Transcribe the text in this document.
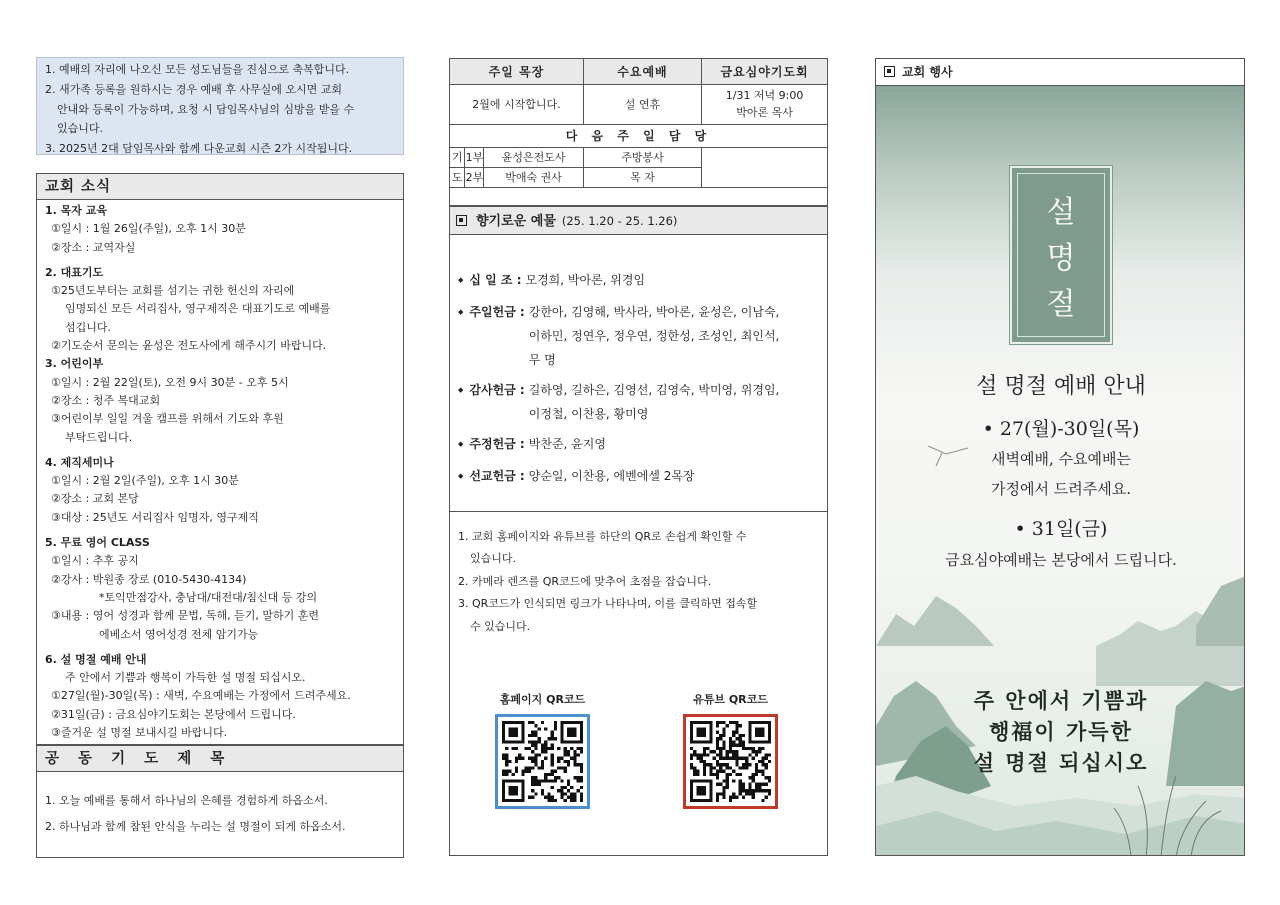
1. 예배의 자리에 나오신 모든 성도님들을 진심으로 축복합니다.
2. 새가족 등록을 원하시는 경우 예배 후 사무실에 오시면 교회
안내와 등록이 가능하며, 요청 시 담임목사님의 심방을 받을 수
있습니다.
3. 2025년 2대 담임목사와 함께 다운교회 시즌 2가 시작됩니다.
교회 소식
1. 목자 교육
①일시 : 1월 26일(주일), 오후 1시 30분
②장소 : 교역자실
2. 대표기도
①25년도부터는 교회를 섬기는 귀한 헌신의 자리에
임명되신 모든 서리집사, 영구제직은 대표기도로 예배를
섬깁니다.
②기도순서 문의는 윤성은 전도사에게 해주시기 바랍니다.
3. 어린이부
①일시 : 2월 22일(토), 오전 9시 30분 - 오후 5시
②장소 : 청주 복대교회
③어린이부 일일 겨울 캠프를 위해서 기도와 후원
부탁드립니다.
4. 제직세미나
①일시 : 2월 2일(주일), 오후 1시 30분
②장소 : 교회 본당
③대상 : 25년도 서리집사 임명자, 영구제직
5. 무료 영어 CLASS
①일시 : 추후 공지
②강사 : 박원종 장로 (010-5430-4134)
*토익만점강사, 충남대/대전대/침신대 등 강의
③내용 : 영어 성경과 함께 문법, 독해, 듣기, 말하기 훈련
에베소서 영어성경 전체 암기가능
6. 설 명절 예배 안내
주 안에서 기쁨과 행복이 가득한 설 명절 되십시오.
①27일(월)-30일(목) : 새벽, 수요예배는 가정에서 드려주세요.
②31일(금) : 금요심야기도회는 본당에서 드립니다.
③즐거운 설 명절 보내시길 바랍니다.
공 동 기 도 제 목
1. 오늘 예배를 통해서 하나님의 은혜를 경험하게 하옵소서.
2. 하나님과 함께 참된 안식을 누리는 설 명절이 되게 하옵소서.
주일 목장			수요예배	금요심야기도회
2월에 시작합니다.			설 연휴	1/31 저녁 9:00
박아론 목사

다 음 주 일 담 당				
기	1부	윤성은전도사	주방봉사	
도	2부	박애숙 권사	목 자	

향기로운 예물 (25. 1.20 - 25. 1.26)
◆ 십 일 조 : 모경희, 박아론, 위경임
◆ 주일헌금 : 강한아, 김영해, 박사라, 박아론, 윤성은, 이남숙,
이하민, 정연우, 정우연, 정한성, 조성인, 최인석,
무 명
◆ 감사헌금 : 길하영, 길하은, 김영선, 김영숙, 박미영, 위경임,
이정철, 이찬용, 황미영
◆ 주정헌금 : 박찬준, 윤지영
◆ 선교헌금 : 양순일, 이찬용, 에벤에셀 2목장
1. 교회 홈페이지와 유튜브를 하단의 QR로 손쉽게 확인할 수
있습니다.
2. 카메라 렌즈를 QR코드에 맞추어 초점을 잡습니다.
3. QR코드가 인식되면 링크가 나타나며, 이를 클릭하면 접속할
수 있습니다.
홈페이지 QR코드	유튜브 QR코드
교회 행사
설
명
절
설 명절 예배 안내
• 27(월)-30일(목)
새벽예배, 수요예배는
가정에서 드려주세요.
• 31일(금)
금요심야예배는 본당에서 드립니다.
주 안에서 기쁨과
행福이 가득한
설 명절 되십시오
